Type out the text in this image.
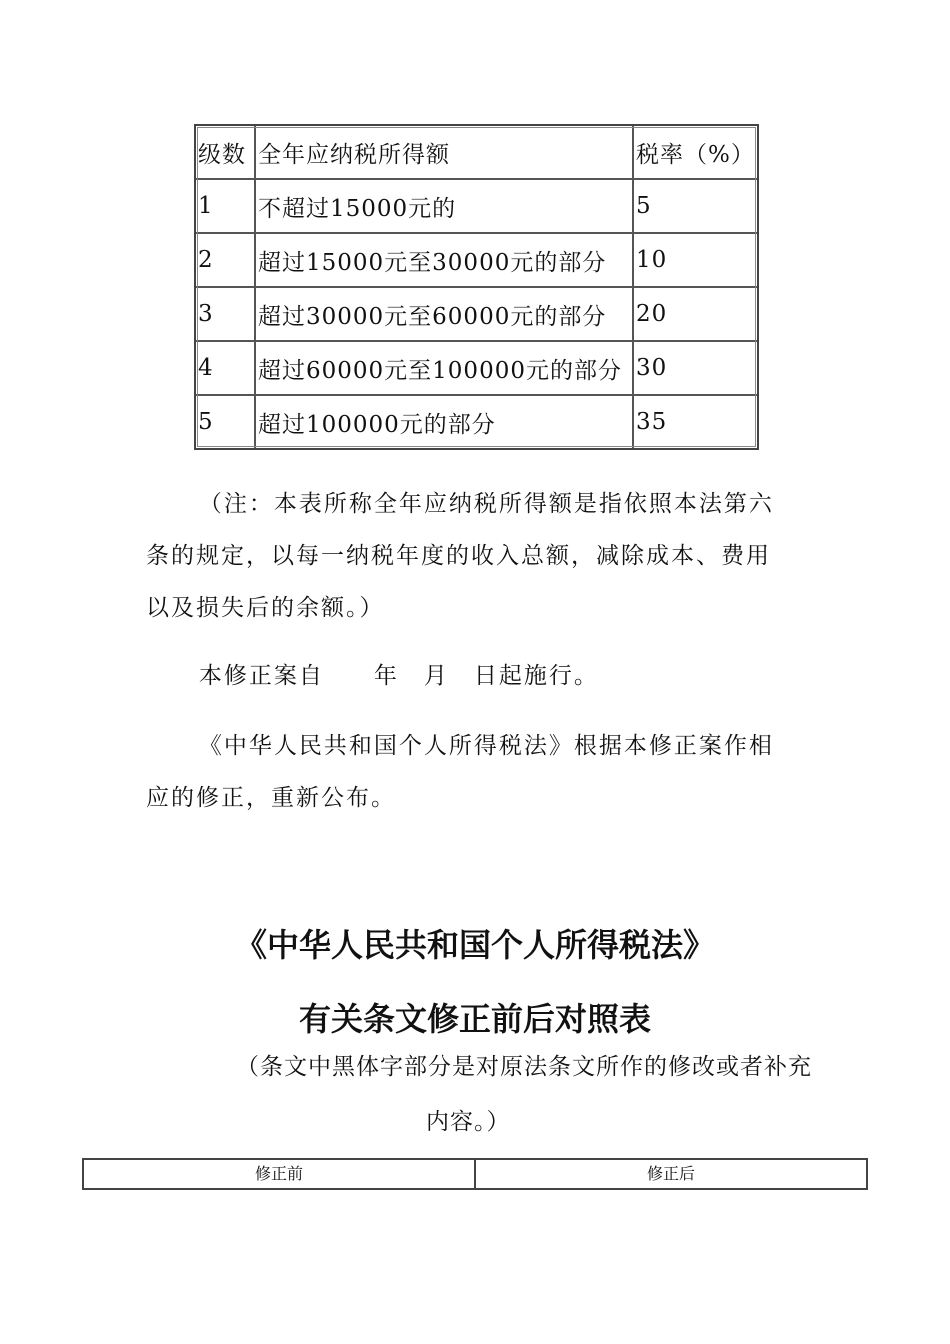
级数	全年应纳税所得额	税率（%）
1	不超过15000元的	5
2	超过15000元至30000元的部分	10
3	超过30000元至60000元的部分	20
4	超过60000元至100000元的部分	30
5	超过100000元的部分	35

（注：本表所称全年应纳税所得额是指依照本法第六条的规定，以每一纳税年度的收入总额，减除成本、费用以及损失后的余额。）

本修正案自　　年　月　日起施行。

《中华人民共和国个人所得税法》根据本修正案作相应的修正，重新公布。

《中华人民共和国个人所得税法》
有关条文修正前后对照表

（条文中黑体字部分是对原法条文所作的修改或者补充
内容。）

修正前	修正后
